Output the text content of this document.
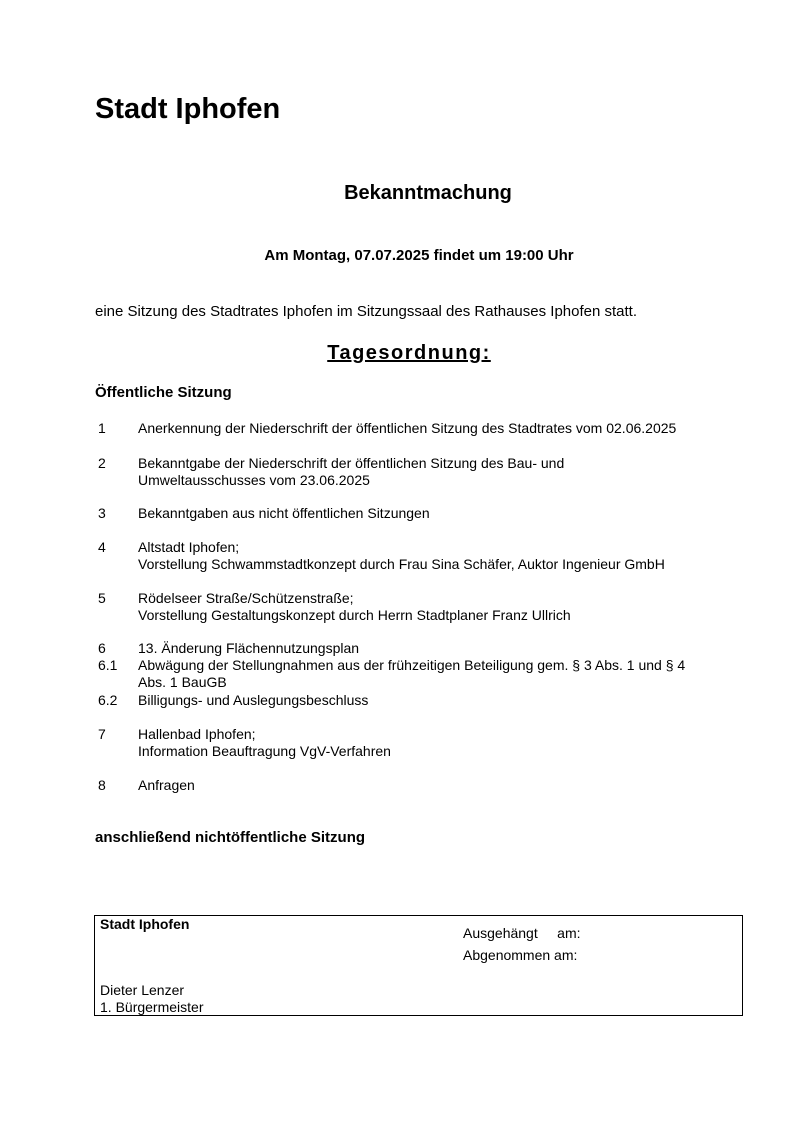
Stadt Iphofen
Bekanntmachung
Am Montag, 07.07.2025 findet um 19:00 Uhr
eine Sitzung des Stadtrates Iphofen im Sitzungssaal des Rathauses Iphofen statt.
Tagesordnung:
Öffentliche Sitzung
1 Anerkennung der Niederschrift der öffentlichen Sitzung des Stadtrates vom 02.06.2025
2 Bekanntgabe der Niederschrift der öffentlichen Sitzung des Bau- und
Umweltausschusses vom 23.06.2025
3 Bekanntgaben aus nicht öffentlichen Sitzungen
4 Altstadt Iphofen;
Vorstellung Schwammstadtkonzept durch Frau Sina Schäfer, Auktor Ingenieur GmbH
5 Rödelseer Straße/Schützenstraße;
Vorstellung Gestaltungskonzept durch Herrn Stadtplaner Franz Ullrich
6 13. Änderung Flächennutzungsplan
6.1 Abwägung der Stellungnahmen aus der frühzeitigen Beteiligung gem. § 3 Abs. 1 und § 4
Abs. 1 BauGB
6.2 Billigungs- und Auslegungsbeschluss
7 Hallenbad Iphofen;
Information Beauftragung VgV-Verfahren
8 Anfragen
anschließend nichtöffentliche Sitzung
Stadt Iphofen
Ausgehängt     am:
Abgenommen am:
Dieter Lenzer
1. Bürgermeister
